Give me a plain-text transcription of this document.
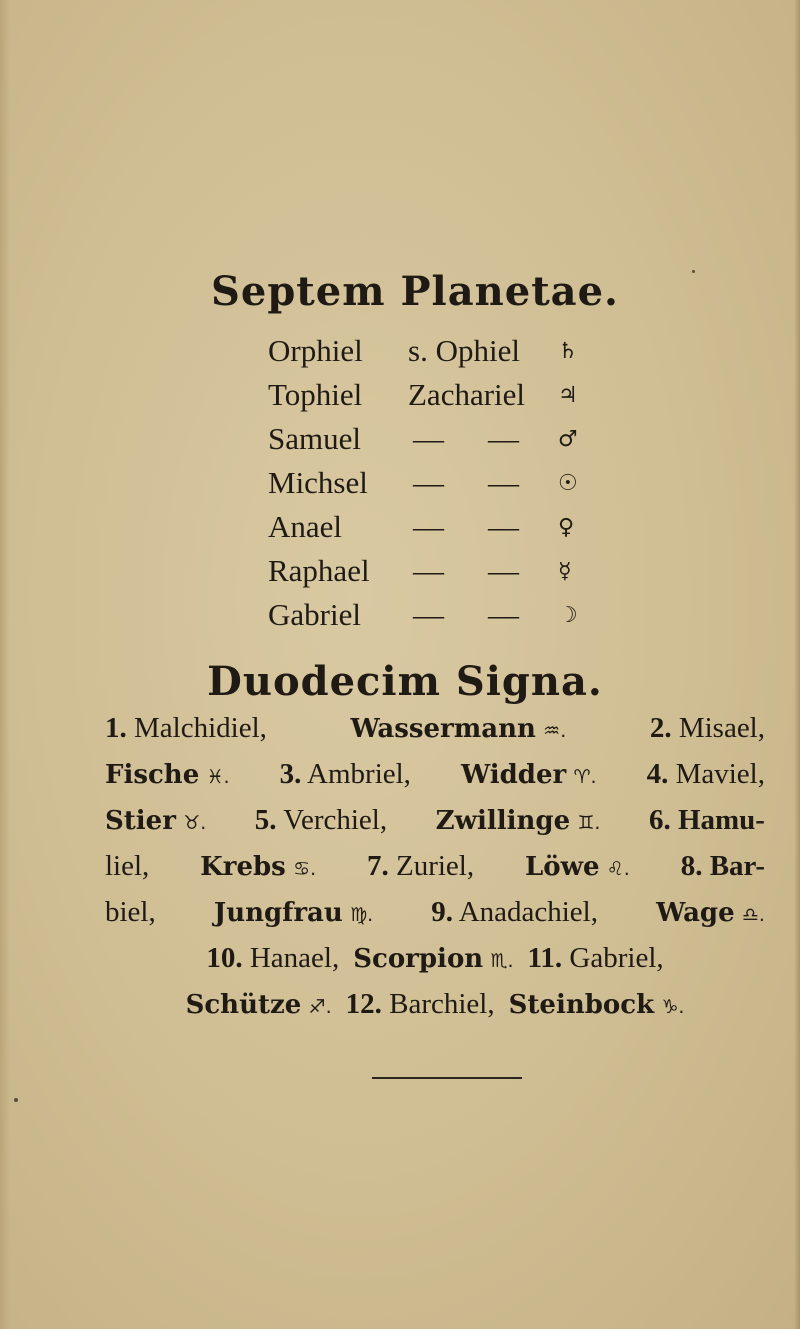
Septem Planetae.
Orphiel s. Ophiel ♄
Tophiel Zachariel ♃
Samuel — — ♂
Michsel — — ☉
Anael — — ♀
Raphael — — ☿
Gabriel — — ☽
Duodecim Signa.
1. Malchidiel,	Wassermann ♒.	2. Misael,
Fische ♓. 3. Ambriel, Widder ♈. 4. Maviel,
Stier ♉. 5. Verchiel, Zwillinge ♊. 6. Hamu-
liel, Krebs ♋. 7. Zuriel, Löwe ♌. 8. Bar-
biel, Jungfrau ♍. 9. Anadachiel, Wage ♎.
10. Hanael, Scorpion ♏. 11. Gabriel,
Schütze ♐. 12. Barchiel, Steinbock ♑.
